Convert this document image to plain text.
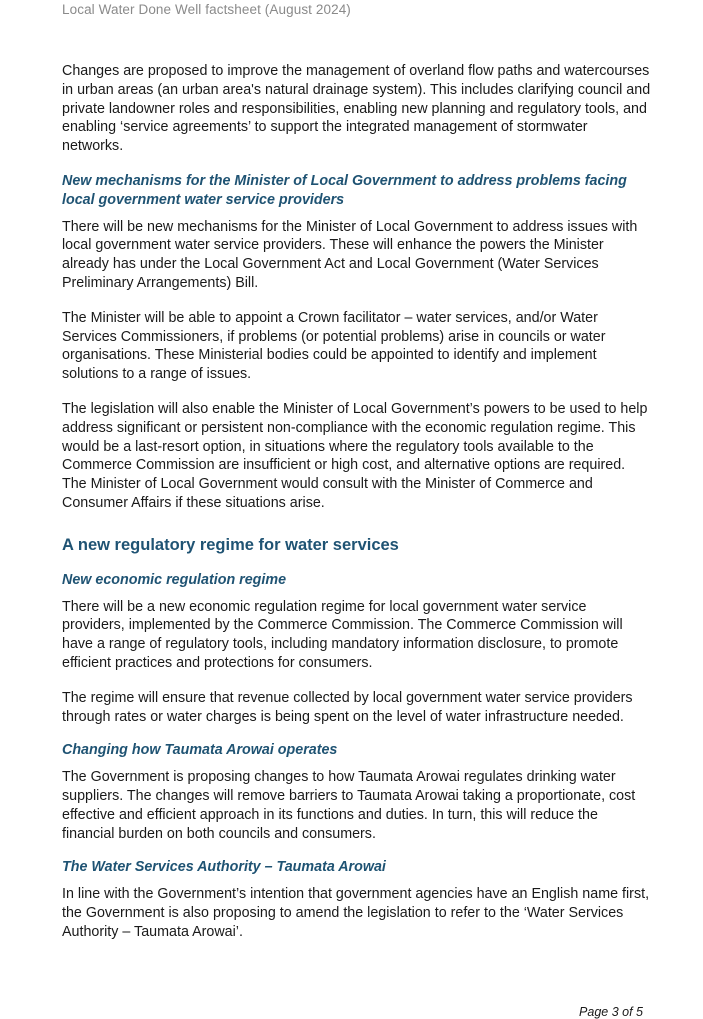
Local Water Done Well factsheet (August 2024)

Changes are proposed to improve the management of overland flow paths and watercourses in urban areas (an urban area's natural drainage system). This includes clarifying council and private landowner roles and responsibilities, enabling new planning and regulatory tools, and enabling ‘service agreements’ to support the integrated management of stormwater networks.

New mechanisms for the Minister of Local Government to address problems facing local government water service providers

There will be new mechanisms for the Minister of Local Government to address issues with local government water service providers. These will enhance the powers the Minister already has under the Local Government Act and Local Government (Water Services Preliminary Arrangements) Bill.

The Minister will be able to appoint a Crown facilitator – water services, and/or Water Services Commissioners, if problems (or potential problems) arise in councils or water organisations. These Ministerial bodies could be appointed to identify and implement solutions to a range of issues.

The legislation will also enable the Minister of Local Government’s powers to be used to help address significant or persistent non-compliance with the economic regulation regime. This would be a last-resort option, in situations where the regulatory tools available to the Commerce Commission are insufficient or high cost, and alternative options are required. The Minister of Local Government would consult with the Minister of Commerce and Consumer Affairs if these situations arise.

A new regulatory regime for water services
New economic regulation regime

There will be a new economic regulation regime for local government water service providers, implemented by the Commerce Commission. The Commerce Commission will have a range of regulatory tools, including mandatory information disclosure, to promote efficient practices and protections for consumers.

The regime will ensure that revenue collected by local government water service providers through rates or water charges is being spent on the level of water infrastructure needed.

Changing how Taumata Arowai operates

The Government is proposing changes to how Taumata Arowai regulates drinking water suppliers. The changes will remove barriers to Taumata Arowai taking a proportionate, cost effective and efficient approach in its functions and duties. In turn, this will reduce the financial burden on both councils and consumers.

The Water Services Authority – Taumata Arowai

In line with the Government’s intention that government agencies have an English name first, the Government is also proposing to amend the legislation to refer to the ‘Water Services Authority – Taumata Arowai’.

Page 3 of 5
